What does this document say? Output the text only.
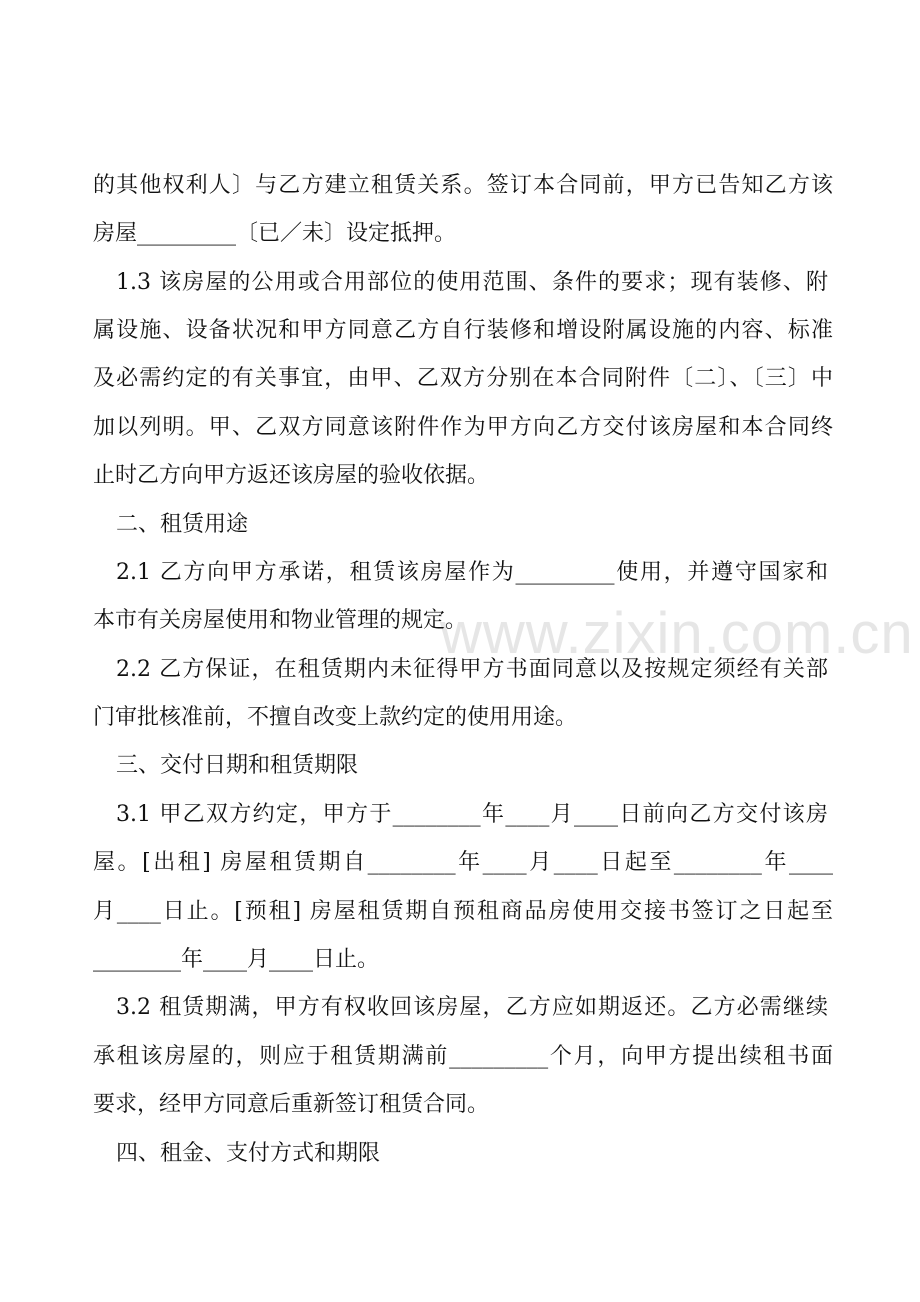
www.zixin.com.cn
的其他权利人〕与乙方建立租赁关系。签订本合同前，甲方已告知乙方该
房屋_________〔已／未〕设定抵押。
1.3 该房屋的公用或合用部位的使用范围、条件的要求；现有装修、附
属设施、设备状况和甲方同意乙方自行装修和增设附属设施的内容、标准
及必需约定的有关事宜，由甲、乙双方分别在本合同附件〔二〕、〔三〕中
加以列明。甲、乙双方同意该附件作为甲方向乙方交付该房屋和本合同终
止时乙方向甲方返还该房屋的验收依据。
二、租赁用途
2.1 乙方向甲方承诺，租赁该房屋作为_________使用，并遵守国家和
本市有关房屋使用和物业管理的规定。
2.2 乙方保证，在租赁期内未征得甲方书面同意以及按规定须经有关部
门审批核准前，不擅自改变上款约定的使用用途。
三、交付日期和租赁期限
3.1 甲乙双方约定，甲方于________年____月____日前向乙方交付该房
屋。[出租] 房屋租赁期自________年____月____日起至________年____
月____日止。[预租] 房屋租赁期自预租商品房使用交接书签订之日起至
________年____月____日止。
3.2 租赁期满，甲方有权收回该房屋，乙方应如期返还。乙方必需继续
承租该房屋的，则应于租赁期满前_________个月，向甲方提出续租书面
要求，经甲方同意后重新签订租赁合同。
四、租金、支付方式和期限
